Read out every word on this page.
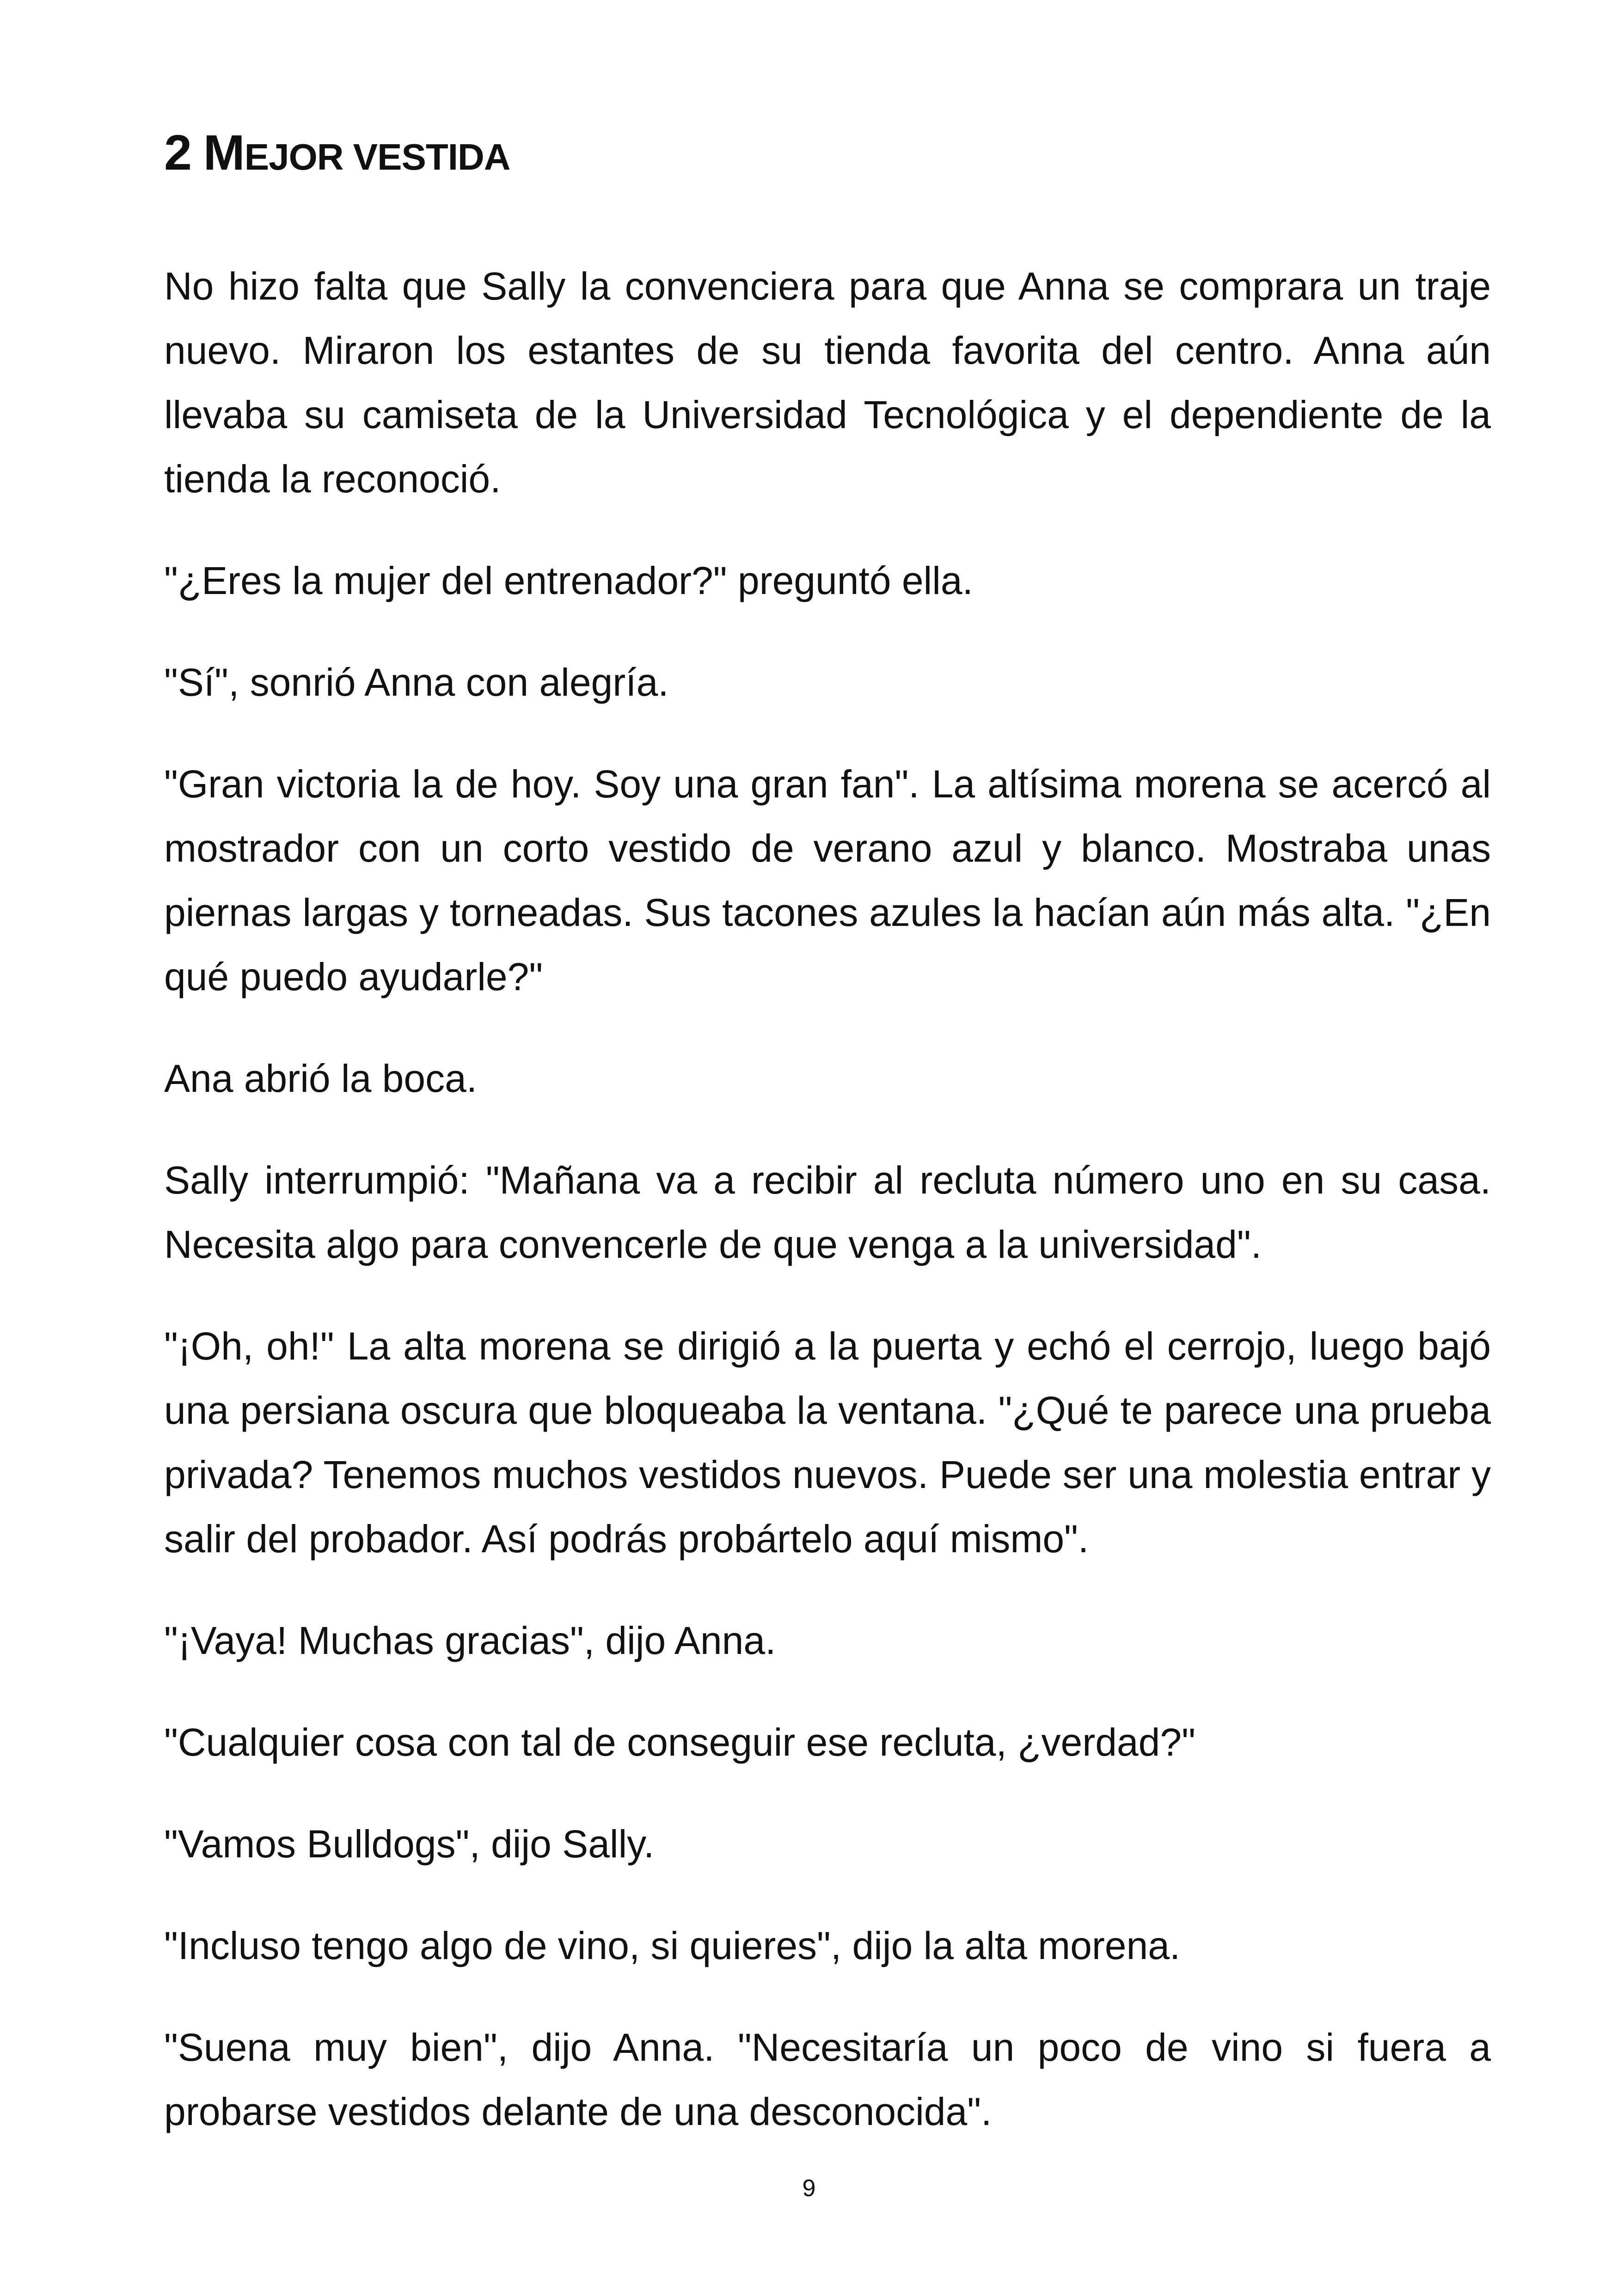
2 MEJOR VESTIDA

No hizo falta que Sally la convenciera para que Anna se comprara un traje nuevo. Miraron los estantes de su tienda favorita del centro. Anna aún llevaba su camiseta de la Universidad Tecnológica y el dependiente de la tienda la reconoció.

"¿Eres la mujer del entrenador?" preguntó ella.

"Sí", sonrió Anna con alegría.

"Gran victoria la de hoy. Soy una gran fan". La altísima morena se acercó al mostrador con un corto vestido de verano azul y blanco. Mostraba unas piernas largas y torneadas. Sus tacones azules la hacían aún más alta. "¿En qué puedo ayudarle?"

Ana abrió la boca.

Sally interrumpió: "Mañana va a recibir al recluta número uno en su casa. Necesita algo para convencerle de que venga a la universidad".

"¡Oh, oh!" La alta morena se dirigió a la puerta y echó el cerrojo, luego bajó una persiana oscura que bloqueaba la ventana. "¿Qué te parece una prueba privada? Tenemos muchos vestidos nuevos. Puede ser una molestia entrar y salir del probador. Así podrás probártelo aquí mismo".

"¡Vaya! Muchas gracias", dijo Anna.

"Cualquier cosa con tal de conseguir ese recluta, ¿verdad?"

"Vamos Bulldogs", dijo Sally.

"Incluso tengo algo de vino, si quieres", dijo la alta morena.

"Suena muy bien", dijo Anna. "Necesitaría un poco de vino si fuera a probarse vestidos delante de una desconocida".

9
